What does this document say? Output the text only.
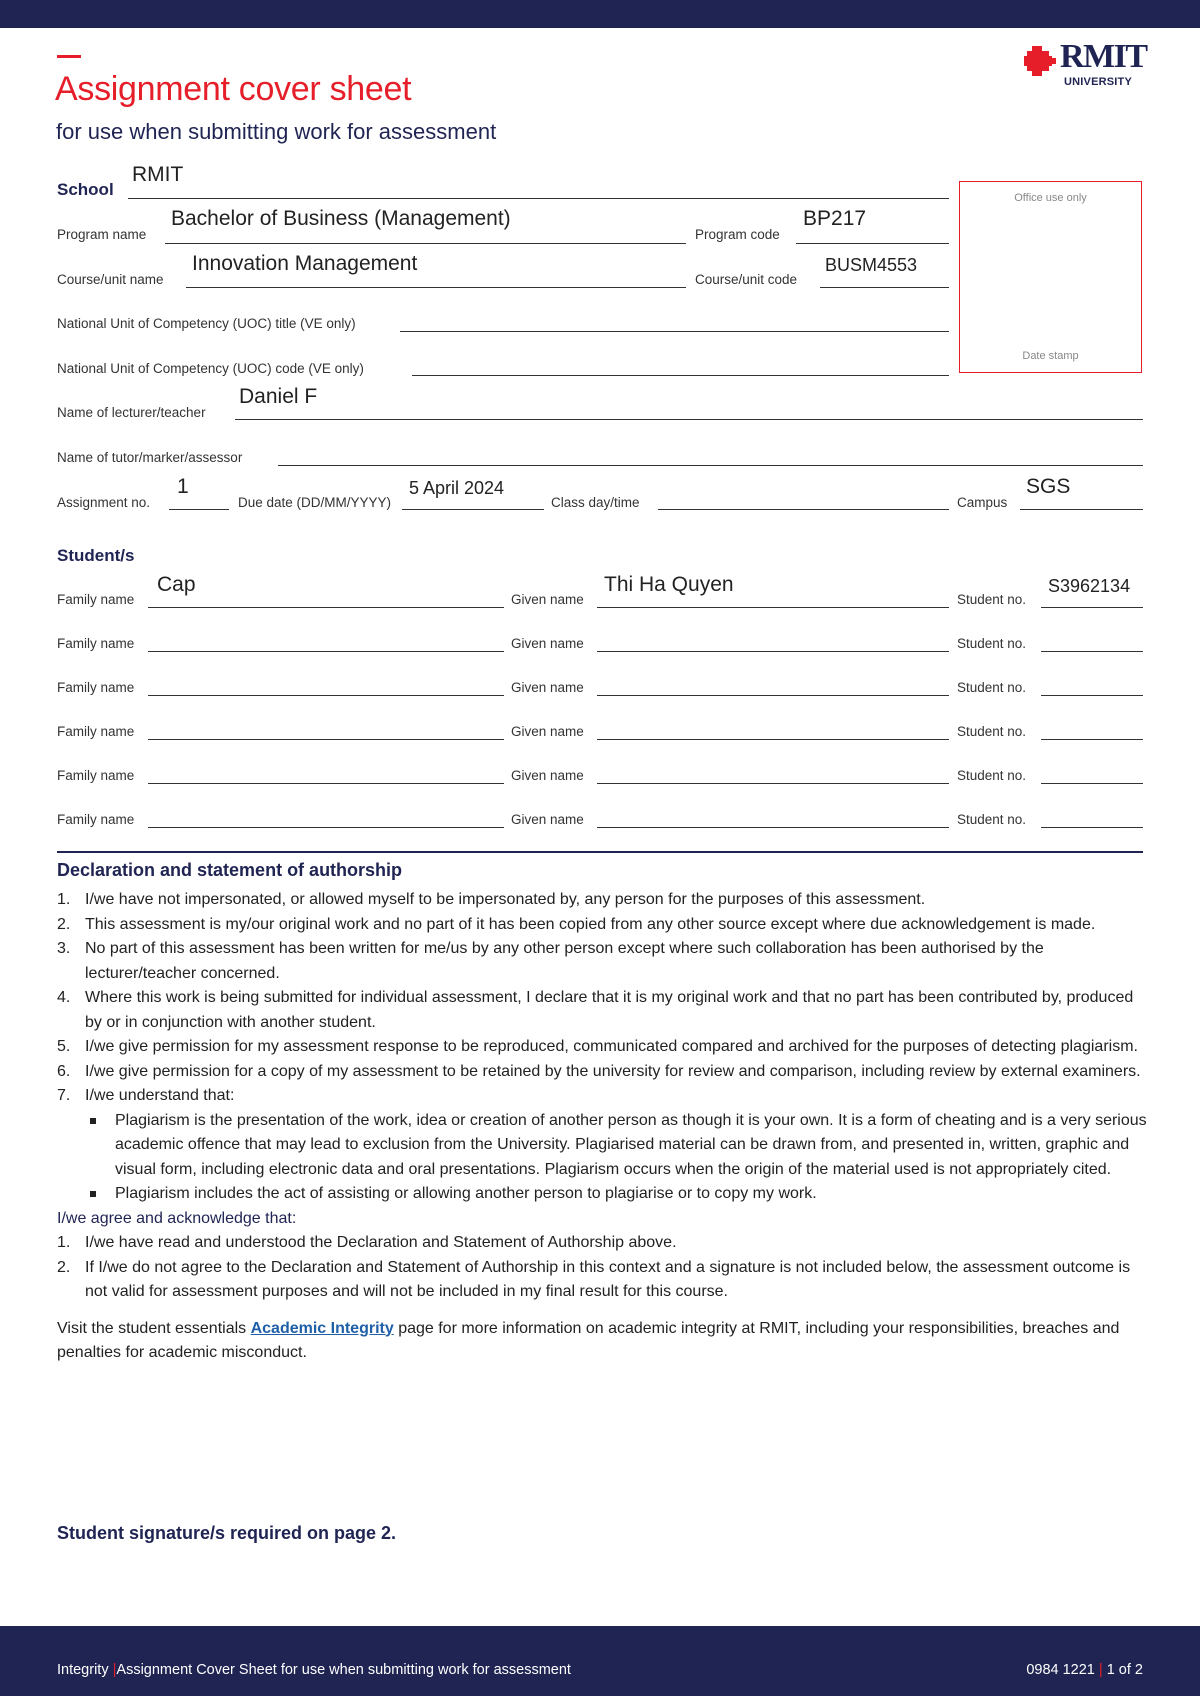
Assignment cover sheet
for use when submitting work for assessment
RMIT
UNIVERSITY
Office use only
Date stamp
School
RMIT
Program name
Bachelor of Business (Management)
Program code
BP217
Course/unit name
Innovation Management
Course/unit code
BUSM4553
National Unit of Competency (UOC) title (VE only)
National Unit of Competency (UOC) code (VE only)
Name of lecturer/teacher
Daniel F
Name of tutor/marker/assessor
Assignment no.
1
Due date (DD/MM/YYYY)
5 April 2024
Class day/time	Campus
SGS
Student/s
Family name
Cap
Given name
Thi Ha Quyen
Student no.
S3962134
Family name	Given name	Student no.
Family name	Given name	Student no.
Family name	Given name	Student no.
Family name	Given name	Student no.
Family name	Given name	Student no.
Declaration and statement of authorship
1. I/we have not impersonated, or allowed myself to be impersonated by, any person for the purposes of this assessment.
2. This assessment is my/our original work and no part of it has been copied from any other source except where due acknowledgement is made.
3. No part of this assessment has been written for me/us by any other person except where such collaboration has been authorised by the lecturer/teacher concerned.
4. Where this work is being submitted for individual assessment, I declare that it is my original work and that no part has been contributed by, produced by or in conjunction with another student.
5. I/we give permission for my assessment response to be reproduced, communicated compared and archived for the purposes of detecting plagiarism.
6. I/we give permission for a copy of my assessment to be retained by the university for review and comparison, including review by external examiners.
7. I/we understand that:
Plagiarism is the presentation of the work, idea or creation of another person as though it is your own. It is a form of cheating and is a very serious academic offence that may lead to exclusion from the University. Plagiarised material can be drawn from, and presented in, written, graphic and visual form, including electronic data and oral presentations. Plagiarism occurs when the origin of the material used is not appropriately cited.
Plagiarism includes the act of assisting or allowing another person to plagiarise or to copy my work.
I/we agree and acknowledge that:
1. I/we have read and understood the Declaration and Statement of Authorship above.
2. If I/we do not agree to the Declaration and Statement of Authorship in this context and a signature is not included below, the assessment outcome is not valid for assessment purposes and will not be included in my final result for this course.
Visit the student essentials Academic Integrity page for more information on academic integrity at RMIT, including your responsibilities, breaches and penalties for academic misconduct.
Student signature/s required on page 2.
Integrity |Assignment Cover Sheet for use when submitting work for assessment	0984 1221 | 1 of 2
